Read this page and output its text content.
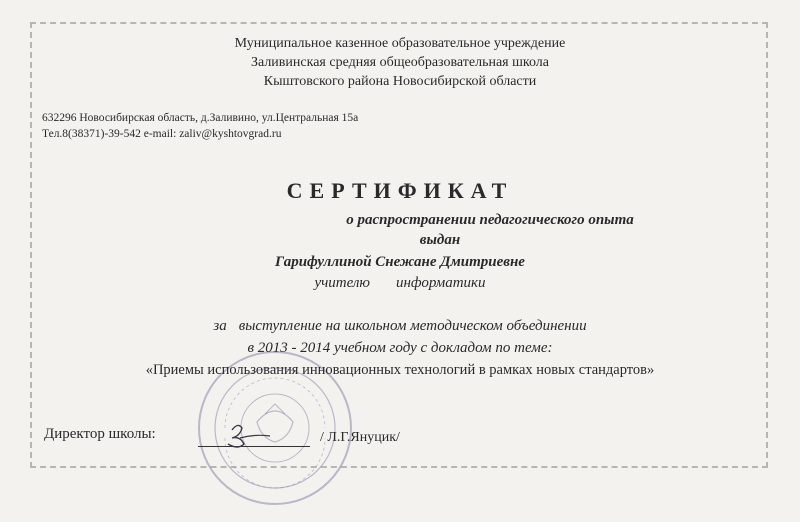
Муниципальное казенное образовательное учреждение
Заливинская средняя общеобразовательная школа
Кыштовского района Новосибирской области
632296 Новосибирская область, д.Заливино, ул.Центральная 15а
Тел.8(38371)-39-542 e-mail: zaliv@kyshtovgrad.ru
СЕРТИФИКАТ
о распространении педагогического опыта
выдан
Гарифуллиной Снежане Дмитриевне
учителю информатики
за выступление на школьном методическом объединении
в 2013 - 2014 учебном году с докладом по теме:
«Приемы использования инновационных технологий в рамках новых стандартов»
Директор школы:	/ Л.Г.Януцик/
